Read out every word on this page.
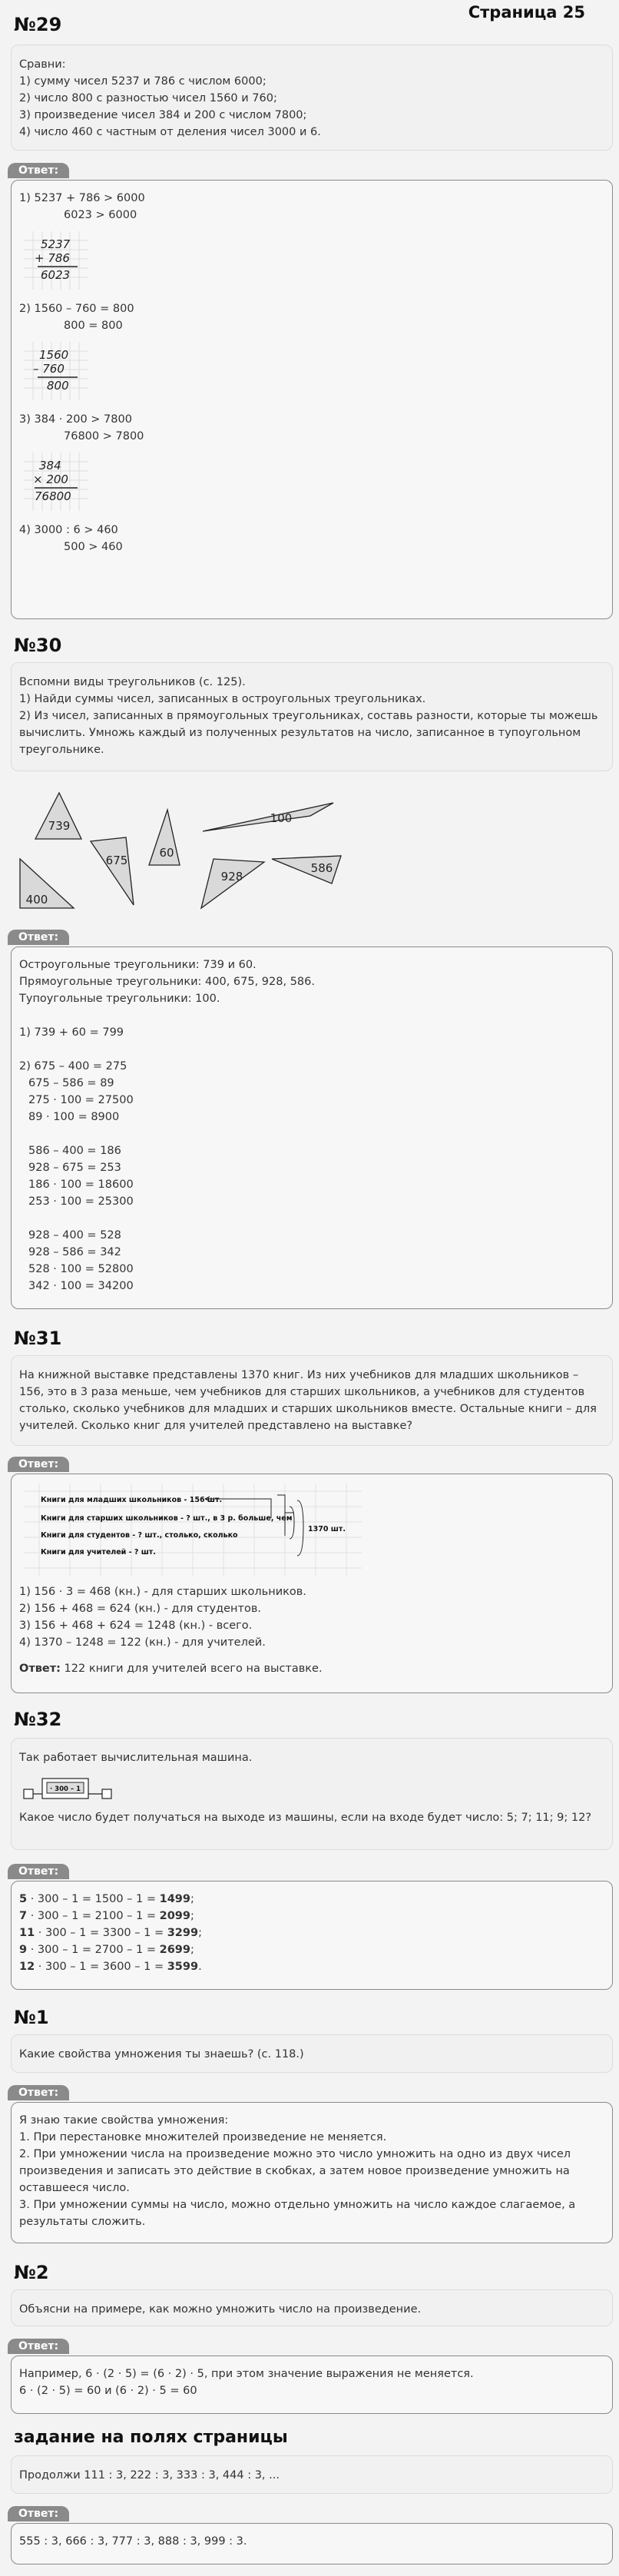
Страница 25
№29

Сравни:

1) сумму чисел 5237 и 786 с числом 6000;

2) число 800 с разностью чисел 1560 и 760;

3) произведение чисел 384 и 200 с числом 7800;

4) число 460 с частным от деления чисел 3000 и 6.

Ответ:

1) 5237 + 786 > 6000

6023 > 6000

5237
+ 786
6023

2) 1560 – 760 = 800

800 = 800

1560
– 760
800

3) 384 · 200 > 7800

76800 > 7800

384
× 200
76800

4) 3000 : 6 > 460

500 > 460

№30

Вспомни виды треугольников (с. 125).

1) Найди суммы чисел, записанных в остроугольных треугольниках.

2) Из чисел, записанных в прямоугольных треугольниках, составь разности, которые ты можешь вычислить. Умножь каждый из полученных результатов на число, записанное в тупоугольном треугольнике.

739
675
60
100
928
586
400
Ответ:

Остроугольные треугольники: 739 и 60.

Прямоугольные треугольники: 400, 675, 928, 586.

Тупоугольные треугольники: 100.

1) 739 + 60 = 799

2) 675 – 400 = 275

675 – 586 = 89

275 · 100 = 27500

89 · 100 = 8900

586 – 400 = 186

928 – 675 = 253

186 · 100 = 18600

253 · 100 = 25300

928 – 400 = 528

928 – 586 = 342

528 · 100 = 52800

342 · 100 = 34200

№31

На книжной выставке представлены 1370 книг. Из них учебников для младших школьников – 156, это в 3 раза меньше, чем учебников для старших школьников, а учебников для студентов столько, сколько учебников для младших и старших школьников вместе. Остальные книги – для учителей. Сколько книг для учителей представлено на выставке?

Ответ:
Книги для младших школьников - 156 шт.
Книги для старших школьников - ? шт., в 3 р. больше, чем
Книги для студентов - ? шт., столько, сколько
Книги для учителей - ? шт.
1370 шт.

1) 156 · 3 = 468 (кн.) - для старших школьников.

2) 156 + 468 = 624 (кн.) - для студентов.

3) 156 + 468 + 624 = 1248 (кн.) - всего.

4) 1370 – 1248 = 122 (кн.) - для учителей.

Ответ: 122 книги для учителей всего на выставке.

№32

Так работает вычислительная машина.

· 300 – 1

Какое число будет получаться на выходе из машины, если на входе будет число: 5; 7; 11; 9; 12?

Ответ:

5 · 300 – 1 = 1500 – 1 = 1499;

7 · 300 – 1 = 2100 – 1 = 2099;

11 · 300 – 1 = 3300 – 1 = 3299;

9 · 300 – 1 = 2700 – 1 = 2699;

12 · 300 – 1 = 3600 – 1 = 3599.

№1

Какие свойства умножения ты знаешь? (с. 118.)

Ответ:

Я знаю такие свойства умножения:

1. При перестановке множителей произведение не меняется.

2. При умножении числа на произведение можно это число умножить на одно из двух чисел произведения и записать это действие в скобках, а затем новое произведение умножить на оставшееся число.

3. При умножении суммы на число, можно отдельно умножить на число каждое слагаемое, а результаты сложить.

№2

Объясни на примере, как можно умножить число на произведение.

Ответ:

Например, 6 · (2 · 5) = (6 · 2) · 5, при этом значение выражения не меняется.

6 · (2 · 5) = 60 и (6 · 2) · 5 = 60

задание на полях страницы

Продолжи 111 : 3, 222 : 3, 333 : 3, 444 : 3, ...

Ответ:

555 : 3, 666 : 3, 777 : 3, 888 : 3, 999 : 3.
